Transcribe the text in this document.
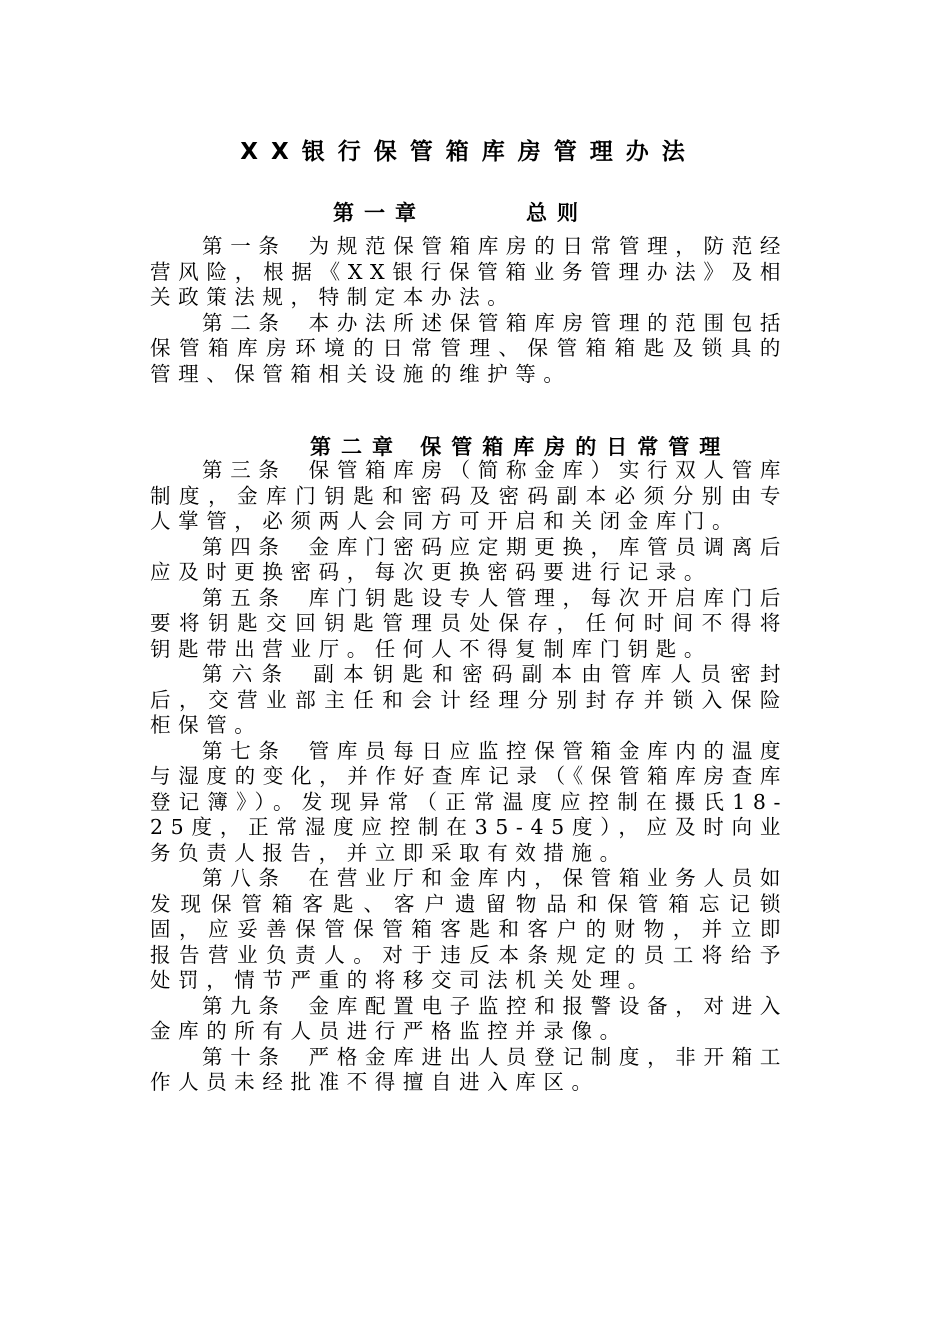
XX银行保管箱库房管理办法
第一章	总则

第一条 为规范保管箱库房的日常管理，防范经营风险，根据《XX银行保管箱业务管理办法》及相关政策法规，特制定本办法。

第二条 本办法所述保管箱库房管理的范围包括保管箱库房环境的日常管理、保管箱箱匙及锁具的管理、保管箱相关设施的维护等。

第二章 保管箱库房的日常管理

第三条 保管箱库房（简称金库）实行双人管库制度，金库门钥匙和密码及密码副本必须分别由专人掌管，必须两人会同方可开启和关闭金库门。

第四条 金库门密码应定期更换，库管员调离后应及时更换密码，每次更换密码要进行记录。

第五条 库门钥匙设专人管理，每次开启库门后要将钥匙交回钥匙管理员处保存，任何时间不得将钥匙带出营业厅。任何人不得复制库门钥匙。

第六条 副本钥匙和密码副本由管库人员密封后，交营业部主任和会计经理分别封存并锁入保险柜保管。

第七条 管库员每日应监控保管箱金库内的温度与湿度的变化，并作好查库记录（《保管箱库房查库登记簿》）。发现异常（正常温度应控制在摄氏18-25度，正常湿度应控制在35-45度），应及时向业务负责人报告，并立即采取有效措施。

第八条 在营业厅和金库内，保管箱业务人员如发现保管箱客匙、客户遗留物品和保管箱忘记锁固，应妥善保管保管箱客匙和客户的财物，并立即报告营业负责人。对于违反本条规定的员工将给予处罚，情节严重的将移交司法机关处理。

第九条 金库配置电子监控和报警设备，对进入金库的所有人员进行严格监控并录像。

第十条 严格金库进出人员登记制度，非开箱工作人员未经批准不得擅自进入库区。
